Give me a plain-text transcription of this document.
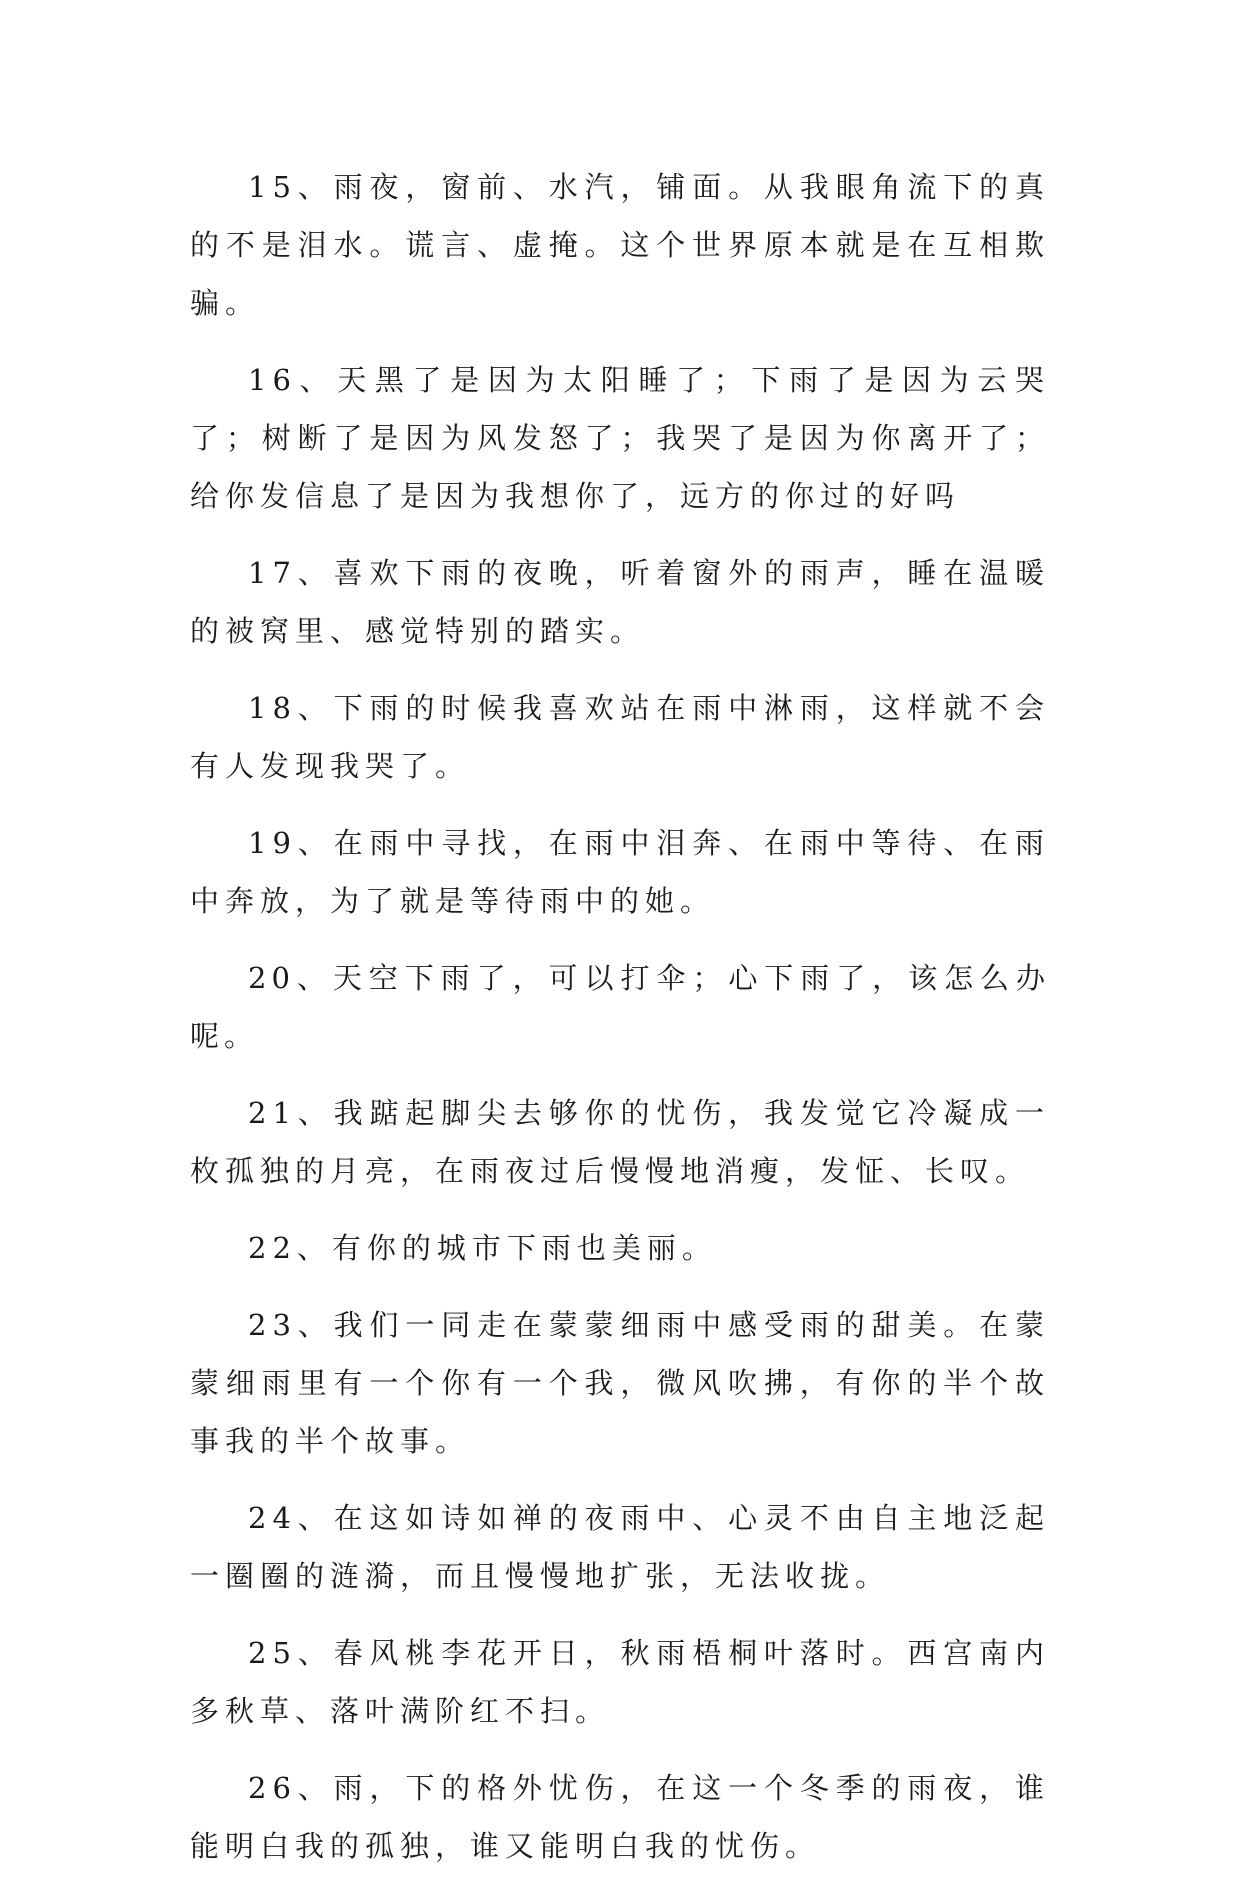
15、雨夜，窗前、水汽，铺面。从我眼角流下的真的不是泪水。谎言、虚掩。这个世界原本就是在互相欺骗。

16、天黑了是因为太阳睡了；下雨了是因为云哭了；树断了是因为风发怒了；我哭了是因为你离开了；给你发信息了是因为我想你了，远方的你过的好吗

17、喜欢下雨的夜晚，听着窗外的雨声，睡在温暖的被窝里、感觉特别的踏实。

18、下雨的时候我喜欢站在雨中淋雨，这样就不会有人发现我哭了。

19、在雨中寻找，在雨中泪奔、在雨中等待、在雨中奔放，为了就是等待雨中的她。

20、天空下雨了，可以打伞；心下雨了，该怎么办呢。

21、我踮起脚尖去够你的忧伤，我发觉它冷凝成一枚孤独的月亮，在雨夜过后慢慢地消瘦，发怔、长叹。

22、有你的城市下雨也美丽。

23、我们一同走在蒙蒙细雨中感受雨的甜美。在蒙蒙细雨里有一个你有一个我，微风吹拂，有你的半个故事我的半个故事。

24、在这如诗如禅的夜雨中、心灵不由自主地泛起一圈圈的涟漪，而且慢慢地扩张，无法收拢。

25、春风桃李花开日，秋雨梧桐叶落时。西宫南内多秋草、落叶满阶红不扫。

26、雨，下的格外忧伤，在这一个冬季的雨夜，谁能明白我的孤独，谁又能明白我的忧伤。
